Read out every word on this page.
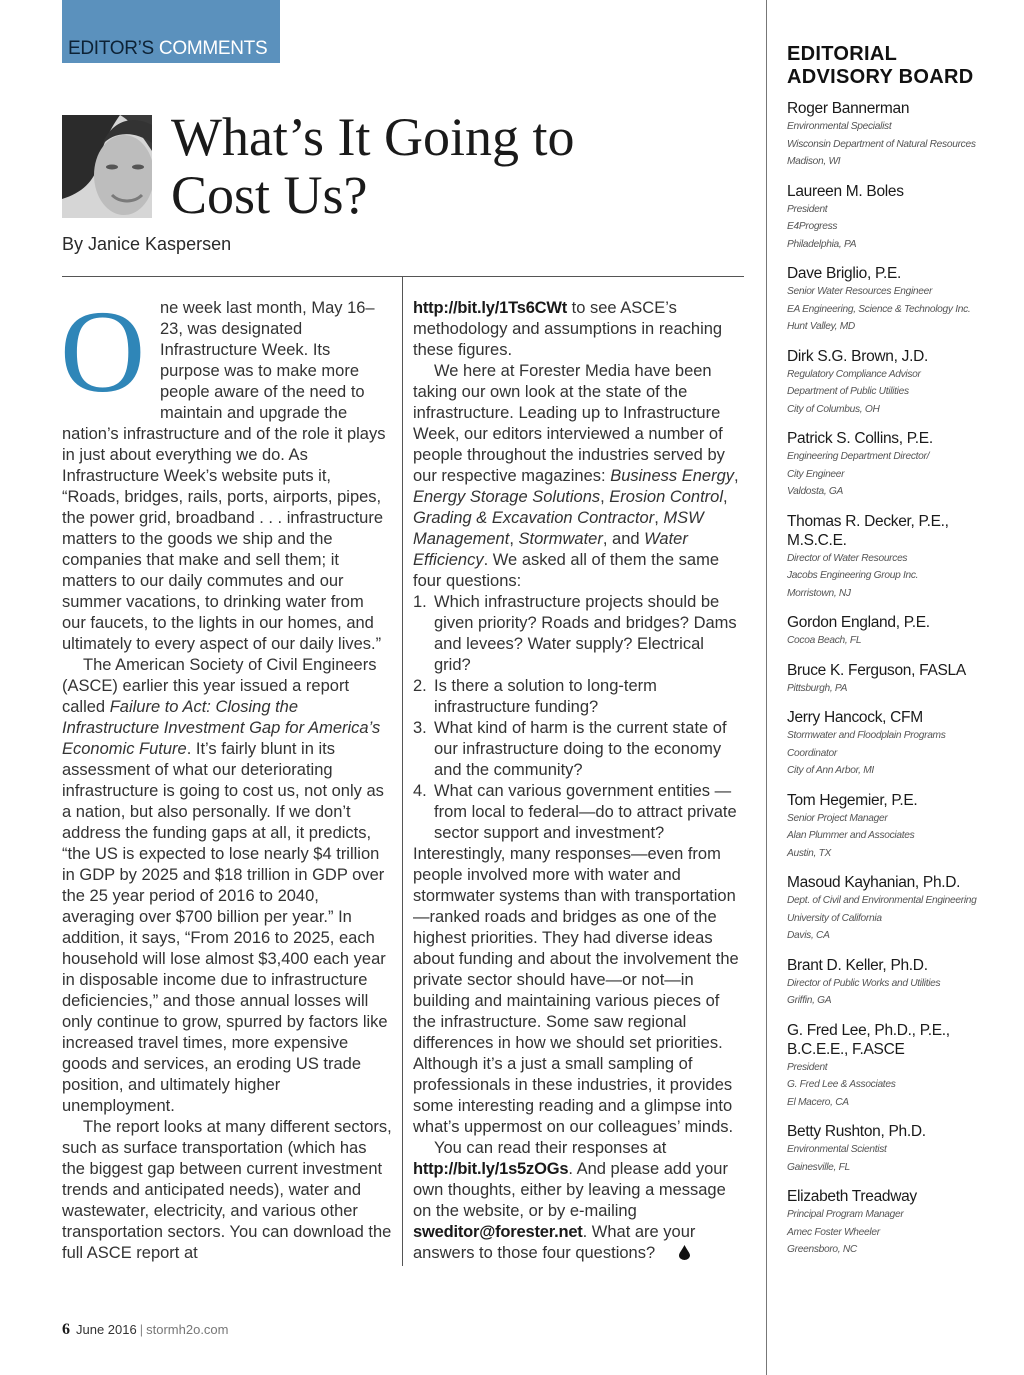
EDITOR’S COMMENTS
What’s It Going to
Cost Us?
By Janice Kaspersen

One week last month, May 16–23, was designated Infrastructure Week. Its purpose was to make more people aware of the need to maintain and upgrade the nation’s infrastructure and of the role it plays in just about everything we do. As Infrastructure Week’s website puts it, “Roads, bridges, rails, ports, airports, pipes, the power grid, broadband . . . infrastructure matters to the goods we ship and the companies that make and sell them; it matters to our daily commutes and our summer vacations, to drinking water from our faucets, to the lights in our homes, and ultimately to every aspect of our daily lives.”

The American Society of Civil Engineers (ASCE) earlier this year issued a report called Failure to Act: Closing the Infrastructure Investment Gap for America’s Economic Future. It’s fairly blunt in its assessment of what our deteriorating infrastructure is going to cost us, not only as a nation, but also personally. If we don’t address the funding gaps at all, it predicts, “the US is expected to lose nearly $4 trillion in GDP by 2025 and $18 trillion in GDP over the 25 year period of 2016 to 2040, averaging over $700 billion per year.” In addition, it says, “From 2016 to 2025, each household will lose almost $3,400 each year in disposable income due to infrastructure deficiencies,” and those annual losses will only continue to grow, spurred by factors like increased travel times, more expensive goods and services, an eroding US trade position, and ultimately higher unemployment.

The report looks at many different sectors, such as surface transportation (which has the biggest gap between current investment trends and anticipated needs), water and wastewater, electricity, and various other transportation sectors. You can download the full ASCE report at

http://bit.ly/1Ts6CWt to see ASCE’s methodology and assumptions in reaching these figures.

We here at Forester Media have been taking our own look at the state of the infrastructure. Leading up to Infrastructure Week, our editors interviewed a number of people throughout the industries served by our respective magazines: Business Energy, Energy Storage Solutions, Erosion Control, Grading & Excavation Contractor, MSW Management, Stormwater, and Water Efficiency. We asked all of them the same four questions:

1. Which infrastructure projects should be given priority? Roads and bridges? Dams and levees? Water supply? Electrical grid?
2. Is there a solution to long-term infrastructure funding?
3. What kind of harm is the current state of our infrastructure doing to the economy and the community?
4. What can various government entities —from local to federal—do to attract private sector support and investment?

Interestingly, many responses—even from people involved more with water and stormwater systems than with transportation—ranked roads and bridges as one of the highest priorities. They had diverse ideas about funding and about the involvement the private sector should have—or not—in building and maintaining various pieces of the infrastructure. Some saw regional differences in how we should set priorities. Although it’s a just a small sampling of professionals in these industries, it provides some interesting reading and a glimpse into what’s uppermost on our colleagues’ minds.

You can read their responses at http://bit.ly/1s5zOGs. And please add your own thoughts, either by leaving a message on the website, or by e-mailing sweditor@forester.net. What are your answers to those four questions?

6 June 2016 | stormh2o.com
EDITORIAL
ADVISORY BOARD
Roger Bannerman
Environmental Specialist
Wisconsin Department of Natural Resources
Madison, WI
Laureen M. Boles
President
E4Progress
Philadelphia, PA
Dave Briglio, P.E.
Senior Water Resources Engineer
EA Engineering, Science & Technology Inc.
Hunt Valley, MD
Dirk S.G. Brown, J.D.
Regulatory Compliance Advisor
Department of Public Utilities
City of Columbus, OH
Patrick S. Collins, P.E.
Engineering Department Director/
City Engineer
Valdosta, GA
Thomas R. Decker, P.E., M.S.C.E.
Director of Water Resources
Jacobs Engineering Group Inc.
Morristown, NJ
Gordon England, P.E.
Cocoa Beach, FL
Bruce K. Ferguson, FASLA
Pittsburgh, PA
Jerry Hancock, CFM
Stormwater and Floodplain Programs
Coordinator
City of Ann Arbor, MI
Tom Hegemier, P.E.
Senior Project Manager
Alan Plummer and Associates
Austin, TX
Masoud Kayhanian, Ph.D.
Dept. of Civil and Environmental Engineering
University of California
Davis, CA
Brant D. Keller, Ph.D.
Director of Public Works and Utilities
Griffin, GA
G. Fred Lee, Ph.D., P.E., B.C.E.E., F.ASCE
President
G. Fred Lee & Associates
El Macero, CA
Betty Rushton, Ph.D.
Environmental Scientist
Gainesville, FL
Elizabeth Treadway
Principal Program Manager
Amec Foster Wheeler
Greensboro, NC
